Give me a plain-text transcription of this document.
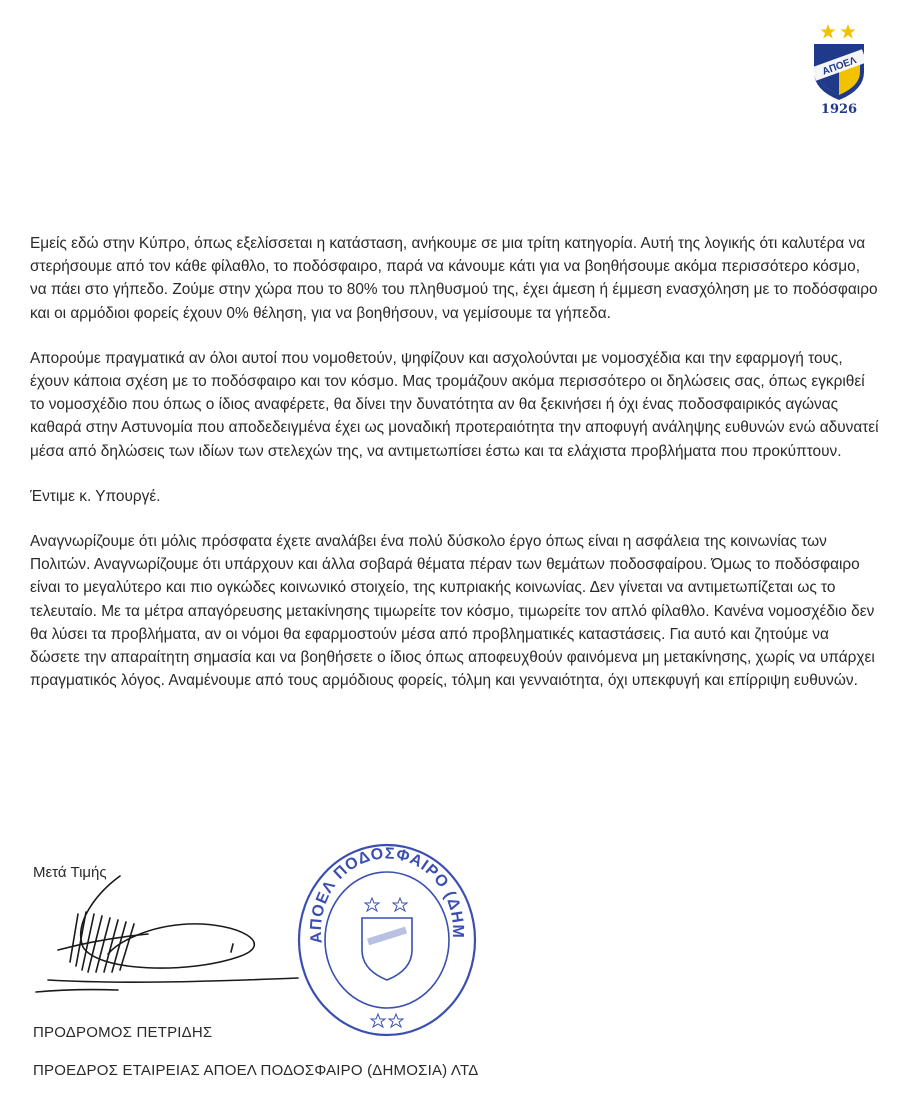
ΑΠΟΕΛ
1926

Εμείς εδώ στην Κύπρο, όπως εξελίσσεται η κατάσταση, ανήκουμε σε μια τρίτη κατηγορία. Αυτή της λογικής ότι καλυτέρα να στερήσουμε από τον κάθε φίλαθλο, το ποδόσφαιρο, παρά να κάνουμε κάτι για να βοηθήσουμε ακόμα περισσότερο κόσμο, να πάει στο γήπεδο. Ζούμε στην χώρα που το 80% του πληθυσμού της, έχει άμεση ή έμμεση ενασχόληση με το ποδόσφαιρο και οι αρμόδιοι φορείς έχουν 0% θέληση, για να βοηθήσουν, να γεμίσουμε τα γήπεδα.

Απορούμε πραγματικά αν όλοι αυτοί που νομοθετούν, ψηφίζουν και ασχολούνται με νομοσχέδια και την εφαρμογή τους, έχουν κάποια σχέση με το ποδόσφαιρο και τον κόσμο. Μας τρομάζουν ακόμα περισσότερο οι δηλώσεις σας, όπως εγκριθεί το νομοσχέδιο που όπως ο ίδιος αναφέρετε, θα δίνει την δυνατότητα αν θα ξεκινήσει ή όχι ένας ποδοσφαιρικός αγώνας καθαρά στην Αστυνομία που αποδεδειγμένα έχει ως μοναδική προτεραιότητα την αποφυγή ανάληψης ευθυνών ενώ αδυνατεί μέσα από δηλώσεις των ιδίων των στελεχών της, να αντιμετωπίσει έστω και τα ελάχιστα προβλήματα που προκύπτουν.

Έντιμε κ. Υπουργέ.

Αναγνωρίζουμε ότι μόλις πρόσφατα έχετε αναλάβει ένα πολύ δύσκολο έργο όπως είναι η ασφάλεια της κοινωνίας των Πολιτών. Αναγνωρίζουμε ότι υπάρχουν και άλλα σοβαρά θέματα πέραν των θεμάτων ποδοσφαίρου. Όμως το ποδόσφαιρο είναι το μεγαλύτερο και πιο ογκώδες κοινωνικό στοιχείο, της κυπριακής κοινωνίας. Δεν γίνεται να αντιμετωπίζεται ως το τελευταίο. Με τα μέτρα απαγόρευσης μετακίνησης τιμωρείτε τον κόσμο, τιμωρείτε τον απλό φίλαθλο. Κανένα νομοσχέδιο δεν θα λύσει τα προβλήματα, αν οι νόμοι θα εφαρμοστούν μέσα από προβληματικές καταστάσεις. Για αυτό και ζητούμε να δώσετε την απαραίτητη σημασία και να βοηθήσετε ο ίδιος όπως αποφευχθούν φαινόμενα μη μετακίνησης, χωρίς να υπάρχει πραγματικός λόγος. Αναμένουμε από τους αρμόδιους φορείς, τόλμη και γενναιότητα, όχι υπεκφυγή και επίρριψη ευθυνών.

Μετά Τιμής
ΑΠΟΕΛ ΠΟΔΟΣΦΑΙΡΟ (ΔΗΜ
ΠΡΟΔΡΟΜΟΣ ΠΕΤΡΙΔΗΣ
ΠΡΟΕΔΡΟΣ ΕΤΑΙΡΕΙΑΣ ΑΠΟΕΛ ΠΟΔΟΣΦΑΙΡΟ (ΔΗΜΟΣΙΑ) ΛΤΔ
